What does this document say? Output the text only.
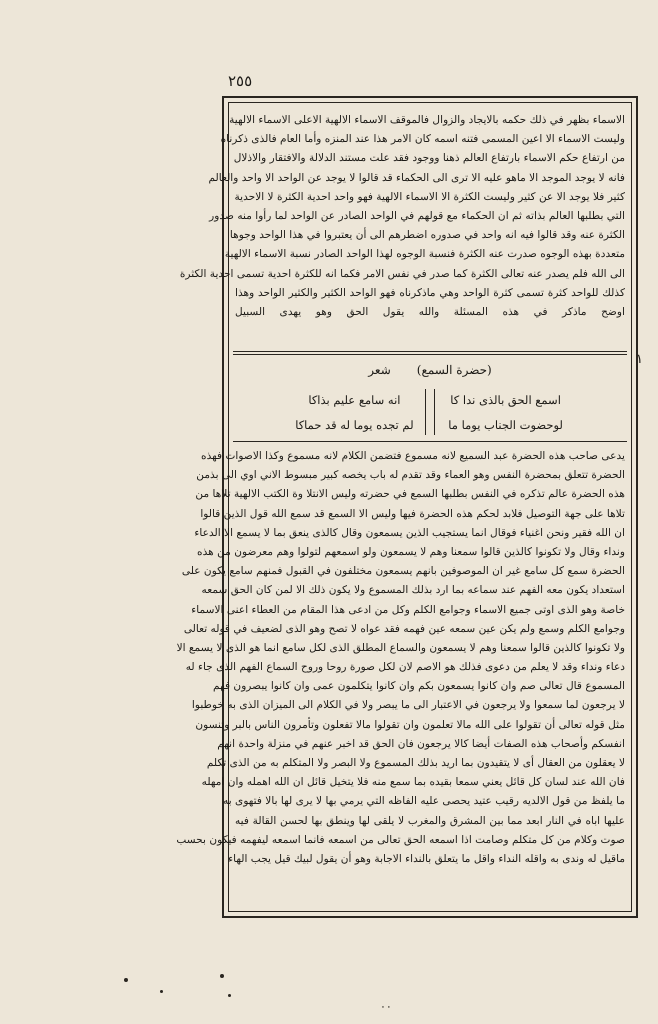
٢٥٥
١
الاسماء بظهر في ذلك حكمه بالايجاد والزوال فالموقف الاسماء الالهية الاعلى الاسماء الالهية
وليست الاسماء الا اعين المسمى فتنه اسمه كان الامر هذا عند المنزه وأما العام فالذى ذكرناه
من ارتفاع حكم الاسماء بارتفاع العالم ذهنا ووجود فقد علت مستند الدلالة والافتقار والاذلال
فانه لا يوجد الموجد الا ماهو عليه الا ترى الى الحكماء قد قالوا لا يوجد عن الواحد الا واحد والعالم
كثير فلا يوجد الا عن كثير وليست الكثرة الا الاسماء الالهية فهو واحد احدية الكثرة لا الاحدية
التي بطلبها العالم بذاته ثم ان الحكماء مع قولهم في الواحد الصادر عن الواحد لما رأوا منه صدور
الكثرة عنه وقد قالوا فيه انه واحد في صدوره اضطرهم الى أن يعتبروا في هذا الواحد وجوها
متعددة بهذه الوجوه صدرت عنه الكثرة فنسبة الوجوه لهذا الواحد الصادر نسبة الاسماء الالهية
الى الله فلم يصدر عنه تعالى الكثرة كما صدر في نفس الامر فكما انه للكثرة احدية تسمى احدية الكثرة
كذلك للواحد كثرة تسمى كثرة الواحد وهي ماذكرناه فهو الواحد الكثير والكثير الواحد وهذا
اوضح ماذكر في هذه المسئلة والله يقول الحق وهو يهدى السبيل
(حضرة السمع)
شعر
اسمع الحق بالذى ندا كا
لوحضوت الجناب يوما ما
انه سامع عليم بذاكا
لم تجده يوما له قد حماكا
يدعى صاحب هذه الحضرة عبد السميع لانه مسموع فتضمن الكلام لانه مسموع وكذا الاصوات فهذه
الحضرة تتعلق بمحضرة النفس وهو العماء وقد تقدم له باب يخصه كبير مبسوط الاني اوي الى بذمن
هذه الحضرة عالم تذكره في النفس بطلبها السمع في حضرته وليس الانتلا وة الكتب الالهية تلاها من
تلاها على جهة التوصيل فلابد لحكم هذه الحضرة فيها وليس الا السمع قد سمع الله قول الذين قالوا
ان الله فقير ونحن اغنياء فوقال انما يستجيب الذين يسمعون وقال كالذى ينعق بما لا يسمع الا الدعاء
ونداء وقال ولا تكونوا كالذين قالوا سمعنا وهم لا يسمعون ولو اسمعهم لتولوا وهم معرضون من هذه
الحضرة سمع كل سامع غير ان الموصوفين بانهم يسمعون مختلفون في القبول فمنهم سامع يكون على
استعداد يكون معه الفهم عند سماعه بما ارد بذلك المسموع ولا يكون ذلك الا لمن كان الحق سمعه
خاصة وهو الذى اوتى جميع الاسماء وجوامع الكلم وكل من ادعى هذا المقام من العطاء اعنى الاسماء
وجوامع الكلم وسمع ولم يكن عين سمعه عين فهمه فقد عواه لا تصح وهو الذى لضعيف في قوله تعالى
ولا تكونوا كالذين قالوا سمعنا وهم لا يسمعون والسماع المطلق الذى لكل سامع انما هو الذى لا يسمع الا
دعاء ونداء وقد لا يعلم من دعوى فذلك هو الاصم لان لكل صورة روحا وروح السماع الفهم الذى جاء له
المسموع قال تعالى صم وان كانوا يسمعون بكم وان كانوا يتكلمون عمى وان كانوا يبصرون فهم
لا يرجعون لما سمعوا ولا يرجعون في الاعتبار الى ما يبصر ولا في الكلام الى الميزان الذى به خوطبوا
مثل قوله تعالى أن تقولوا على الله مالا تعلمون وان تقولوا مالا تفعلون وتأمرون الناس بالبر وتنسون
انفسكم وأصحاب هذه الصفات أيضا كالا يرجعون فان الحق قد اخبر عنهم في منزلة واحدة انهم
لا يعقلون من العقال أى لا يتقيدون بما اريد بذلك المسموع ولا البصر ولا المتكلم به من الذى تكلم
فان الله عند لسان كل قائل يعني سمعا بقيده بما سمع منه فلا يتخيل قائل ان الله اهمله وان امهله
ما يلفظ من قول الالديه رقيب عتيد يحصى عليه الفاظه التي يرمي بها لا يرى لها بالا فتهوى به
عليها اباه في النار ابعد مما بين المشرق والمغرب لا يلقى لها وينطق بها لحسن القالة فيه
صوت وكلام من كل متكلم وصامت اذا اسمعه الحق تعالى من اسمعه فانما اسمعه ليفهمه فيكون بحسب
ماقيل له وندى به واقله النداء واقل ما يتعلق بالنداء الاجابة وهو أن يقول لبيك قيل يجب الهاء
٠٠
